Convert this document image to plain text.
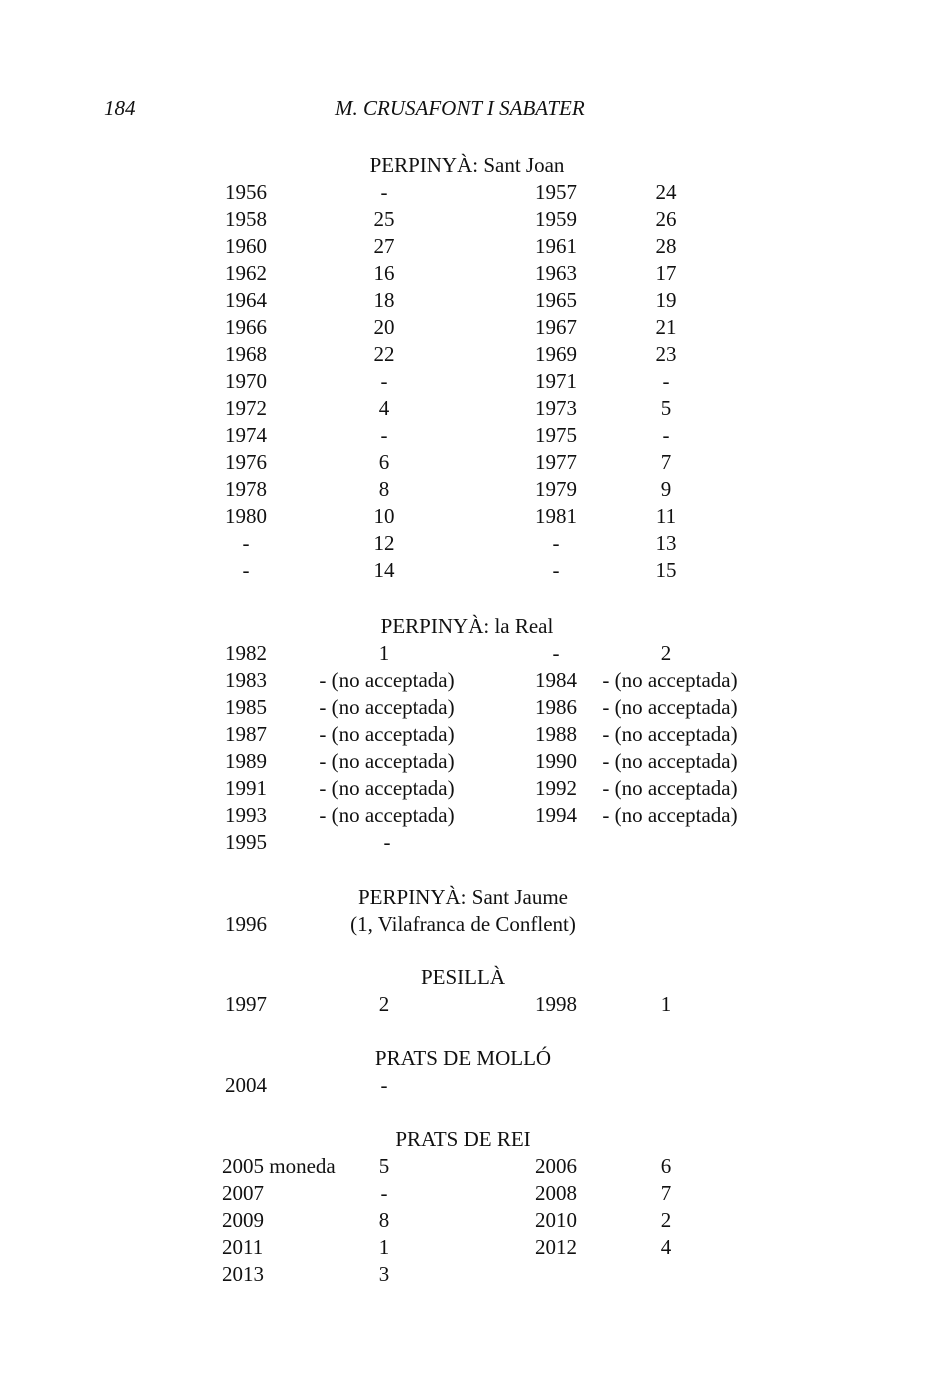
184	M. CRUSAFONT I SABATER
PERPINYÀ: Sant Joan
1956	-	1957	24
1958	25	1959	26
1960	27	1961	28
1962	16	1963	17
1964	18	1965	19
1966	20	1967	21
1968	22	1969	23
1970	-	1971	-
1972	4	1973	5
1974	-	1975	-
1976	6	1977	7
1978	8	1979	9
1980	10	1981	11
-	12	-	13
-	14	-	15
PERPINYÀ: la Real
1982	1	-	2
1983	- (no acceptada)	1984	- (no acceptada)
1985	- (no acceptada)	1986	- (no acceptada)
1987	- (no acceptada)	1988	- (no acceptada)
1989	- (no acceptada)	1990	- (no acceptada)
1991	- (no acceptada)	1992	- (no acceptada)
1993	- (no acceptada)	1994	- (no acceptada)
1995	-
PERPINYÀ: Sant Jaume
1996	(1, Vilafranca de Conflent)
PESILLÀ
1997	2	1998	1
PRATS DE MOLLÓ
2004	-
PRATS DE REI
2005 moneda	5	2006	6
2007	-	2008	7
2009	8	2010	2
2011	1	2012	4
2013	3
